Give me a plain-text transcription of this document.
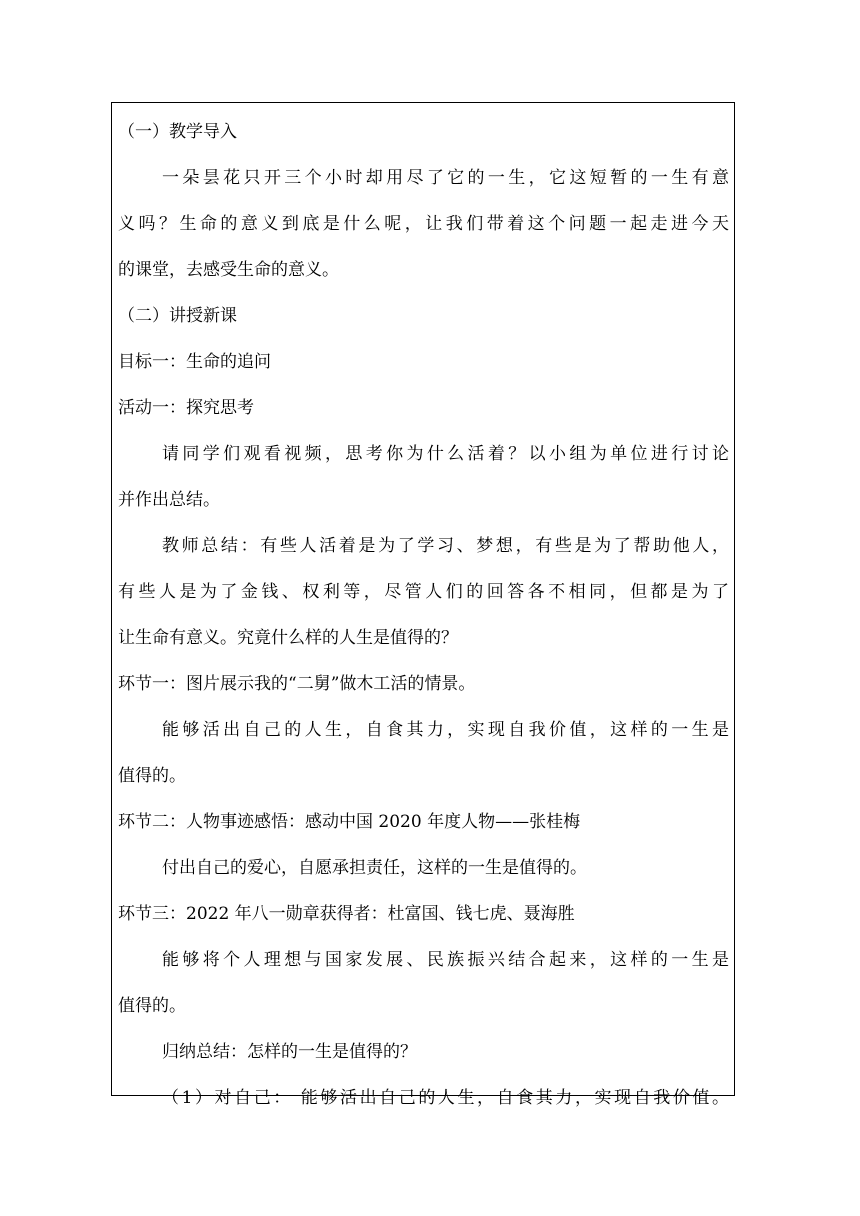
（一）教学导入
一朵昙花只开三个小时却用尽了它的一生，它这短暂的一生有意
义吗？生命的意义到底是什么呢，让我们带着这个问题一起走进今天
的课堂，去感受生命的意义。
（二）讲授新课
目标一：生命的追问
活动一：探究思考
请同学们观看视频，思考你为什么活着？以小组为单位进行讨论
并作出总结。
教师总结：有些人活着是为了学习、梦想，有些是为了帮助他人，
有些人是为了金钱、权利等，尽管人们的回答各不相同，但都是为了
让生命有意义。究竟什么样的人生是值得的？
环节一：图片展示我的“二舅”做木工活的情景。
能够活出自己的人生，自食其力，实现自我价值，这样的一生是
值得的。
环节二：人物事迹感悟：感动中国 2020 年度人物——张桂梅
付出自己的爱心，自愿承担责任，这样的一生是值得的。
环节三：2022 年八一勋章获得者：杜富国、钱七虎、聂海胜
能够将个人理想与国家发展、民族振兴结合起来，这样的一生是
值得的。
归纳总结：怎样的一生是值得的？
（1）对自己： 能够活出自己的人生，自食其力，实现自我价值。
